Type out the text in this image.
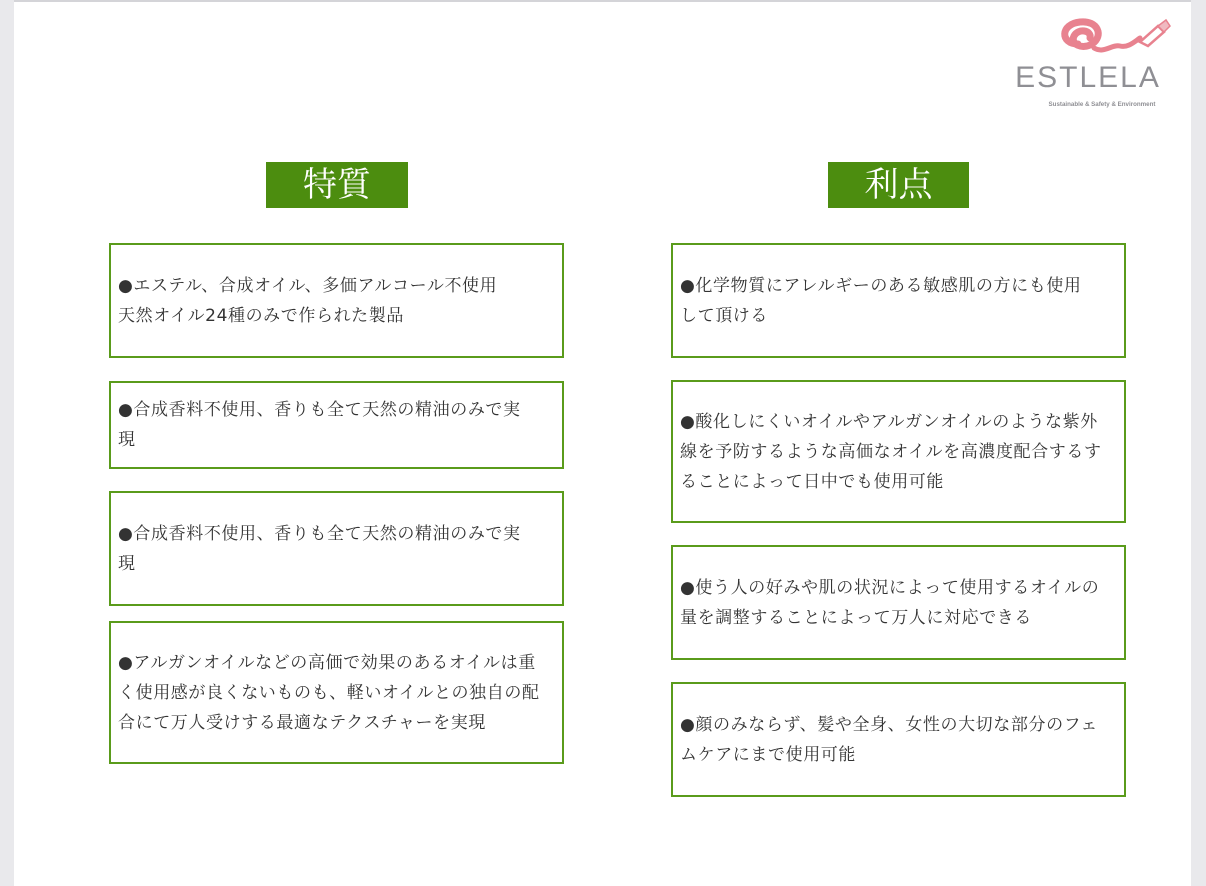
ESTLELA
Sustainable & Safety & Environment
特質	利点
●エステル、合成オイル、多価アルコール不使用
天然オイル24種のみで作られた製品
●合成香料不使用、香りも全て天然の精油のみで実
現
●合成香料不使用、香りも全て天然の精油のみで実
現
●アルガンオイルなどの高価で効果のあるオイルは重
く使用感が良くないものも、軽いオイルとの独自の配
合にて万人受けする最適なテクスチャーを実現
●化学物質にアレルギーのある敏感肌の方にも使用
して頂ける
●酸化しにくいオイルやアルガンオイルのような紫外
線を予防するような高価なオイルを高濃度配合するす
ることによって日中でも使用可能
●使う人の好みや肌の状況によって使用するオイルの
量を調整することによって万人に対応できる
●顔のみならず、髪や全身、女性の大切な部分のフェ
ムケアにまで使用可能
